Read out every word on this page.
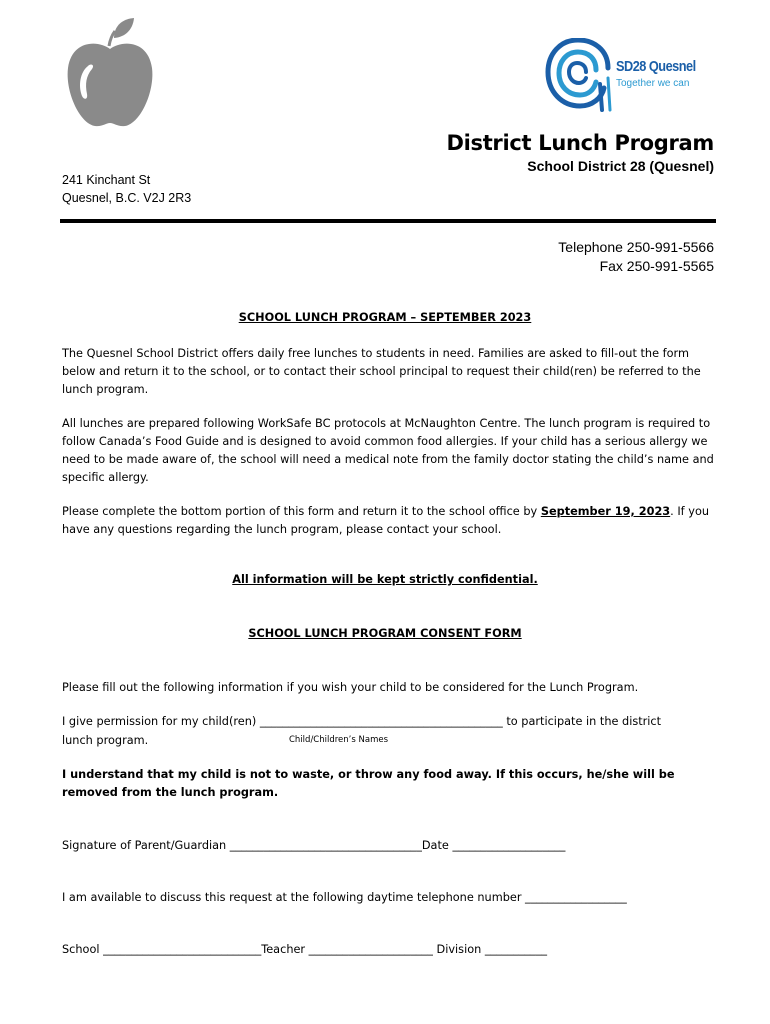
SD28 Quesnel
Together we can
District Lunch Program
School District 28 (Quesnel)
241 Kinchant St
Quesnel, B.C. V2J 2R3
Telephone 250-991-5566
Fax 250-991-5565
SCHOOL LUNCH PROGRAM – SEPTEMBER 2023
The Quesnel School District offers daily free lunches to students in need. Families are asked to fill-out the form below and return it to the school, or to contact their school principal to request their child(ren) be referred to the lunch program.
All lunches are prepared following WorkSafe BC protocols at McNaughton Centre. The lunch program is required to follow Canada’s Food Guide and is designed to avoid common food allergies. If your child has a serious allergy we need to be made aware of, the school will need a medical note from the family doctor stating the child’s name and specific allergy.
Please complete the bottom portion of this form and return it to the school office by September 19, 2023. If you have any questions regarding the lunch program, please contact your school.
All information will be kept strictly confidential.
SCHOOL LUNCH PROGRAM CONSENT FORM
Please fill out the following information if you wish your child to be considered for the Lunch Program.
I give permission for my child(ren) ___________________________________________ to participate in the district
lunch program.	Child/Children’s Names
I understand that my child is not to waste, or throw any food away. If this occurs, he/she will be removed from the lunch program.
Signature of Parent/Guardian __________________________________Date ____________________
I am available to discuss this request at the following daytime telephone number __________________
School ____________________________Teacher ______________________ Division ___________
